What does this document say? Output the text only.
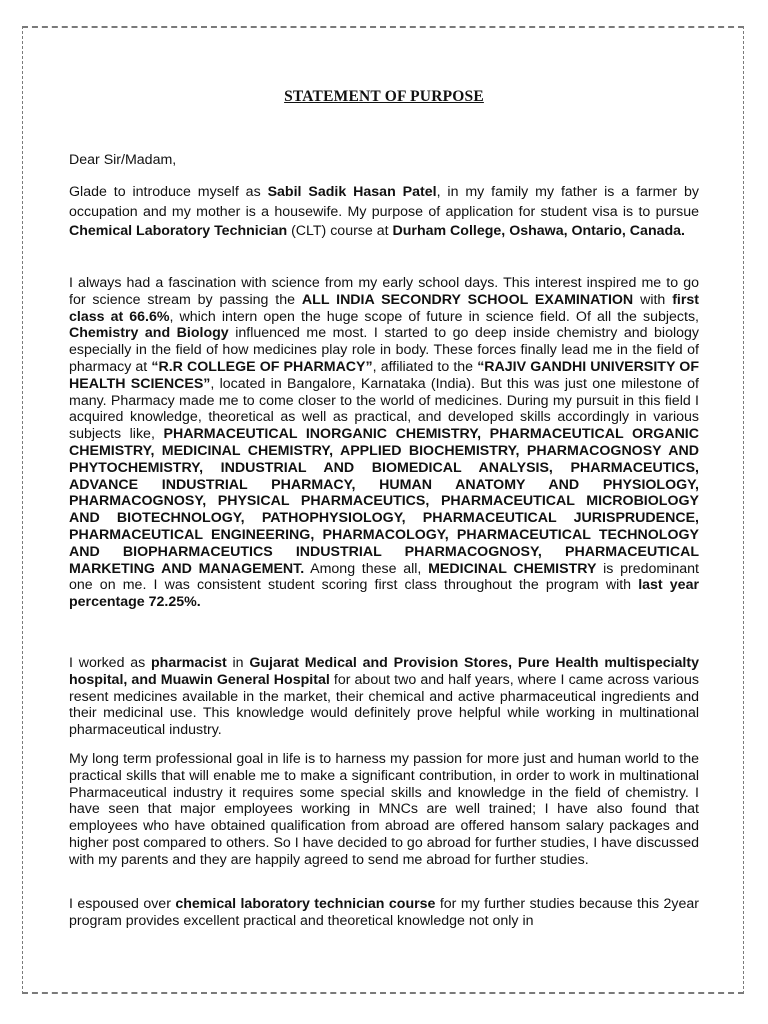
STATEMENT OF PURPOSE
Dear Sir/Madam,
Glade to introduce myself as Sabil Sadik Hasan Patel, in my family my father is a farmer by occupation and my mother is a housewife. My purpose of application for student visa is to pursue Chemical Laboratory Technician (CLT) course at Durham College, Oshawa, Ontario, Canada.
I always had a fascination with science from my early school days. This interest inspired me to go for science stream by passing the ALL INDIA SECONDRY SCHOOL EXAMINATION with first class at 66.6%, which intern open the huge scope of future in science field. Of all the subjects, Chemistry and Biology influenced me most. I started to go deep inside chemistry and biology especially in the field of how medicines play role in body. These forces finally lead me in the field of pharmacy at “R.R COLLEGE OF PHARMACY”, affiliated to the “RAJIV GANDHI UNIVERSITY OF HEALTH SCIENCES”, located in Bangalore, Karnataka (India). But this was just one milestone of many. Pharmacy made me to come closer to the world of medicines. During my pursuit in this field I acquired knowledge, theoretical as well as practical, and developed skills accordingly in various subjects like, PHARMACEUTICAL INORGANIC CHEMISTRY, PHARMACEUTICAL ORGANIC CHEMISTRY, MEDICINAL CHEMISTRY, APPLIED BIOCHEMISTRY, PHARMACOGNOSY AND PHYTOCHEMISTRY, INDUSTRIAL AND BIOMEDICAL ANALYSIS, PHARMACEUTICS, ADVANCE INDUSTRIAL PHARMACY, HUMAN ANATOMY AND PHYSIOLOGY, PHARMACOGNOSY, PHYSICAL PHARMACEUTICS, PHARMACEUTICAL MICROBIOLOGY AND BIOTECHNOLOGY, PATHOPHYSIOLOGY, PHARMACEUTICAL JURISPRUDENCE, PHARMACEUTICAL ENGINEERING, PHARMACOLOGY, PHARMACEUTICAL TECHNOLOGY AND BIOPHARMACEUTICS INDUSTRIAL PHARMACOGNOSY, PHARMACEUTICAL MARKETING AND MANAGEMENT. Among these all, MEDICINAL CHEMISTRY is predominant one on me. I was consistent student scoring first class throughout the program with last year percentage 72.25%.
I worked as pharmacist in Gujarat Medical and Provision Stores, Pure Health multispecialty hospital, and Muawin General Hospital for about two and half years, where I came across various resent medicines available in the market, their chemical and active pharmaceutical ingredients and their medicinal use. This knowledge would definitely prove helpful while working in multinational pharmaceutical industry.
My long term professional goal in life is to harness my passion for more just and human world to the practical skills that will enable me to make a significant contribution, in order to work in multinational Pharmaceutical industry it requires some special skills and knowledge in the field of chemistry. I have seen that major employees working in MNCs are well trained; I have also found that employees who have obtained qualification from abroad are offered hansom salary packages and higher post compared to others. So I have decided to go abroad for further studies, I have discussed with my parents and they are happily agreed to send me abroad for further studies.
I espoused over chemical laboratory technician course for my further studies because this 2year program provides excellent practical and theoretical knowledge not only in
